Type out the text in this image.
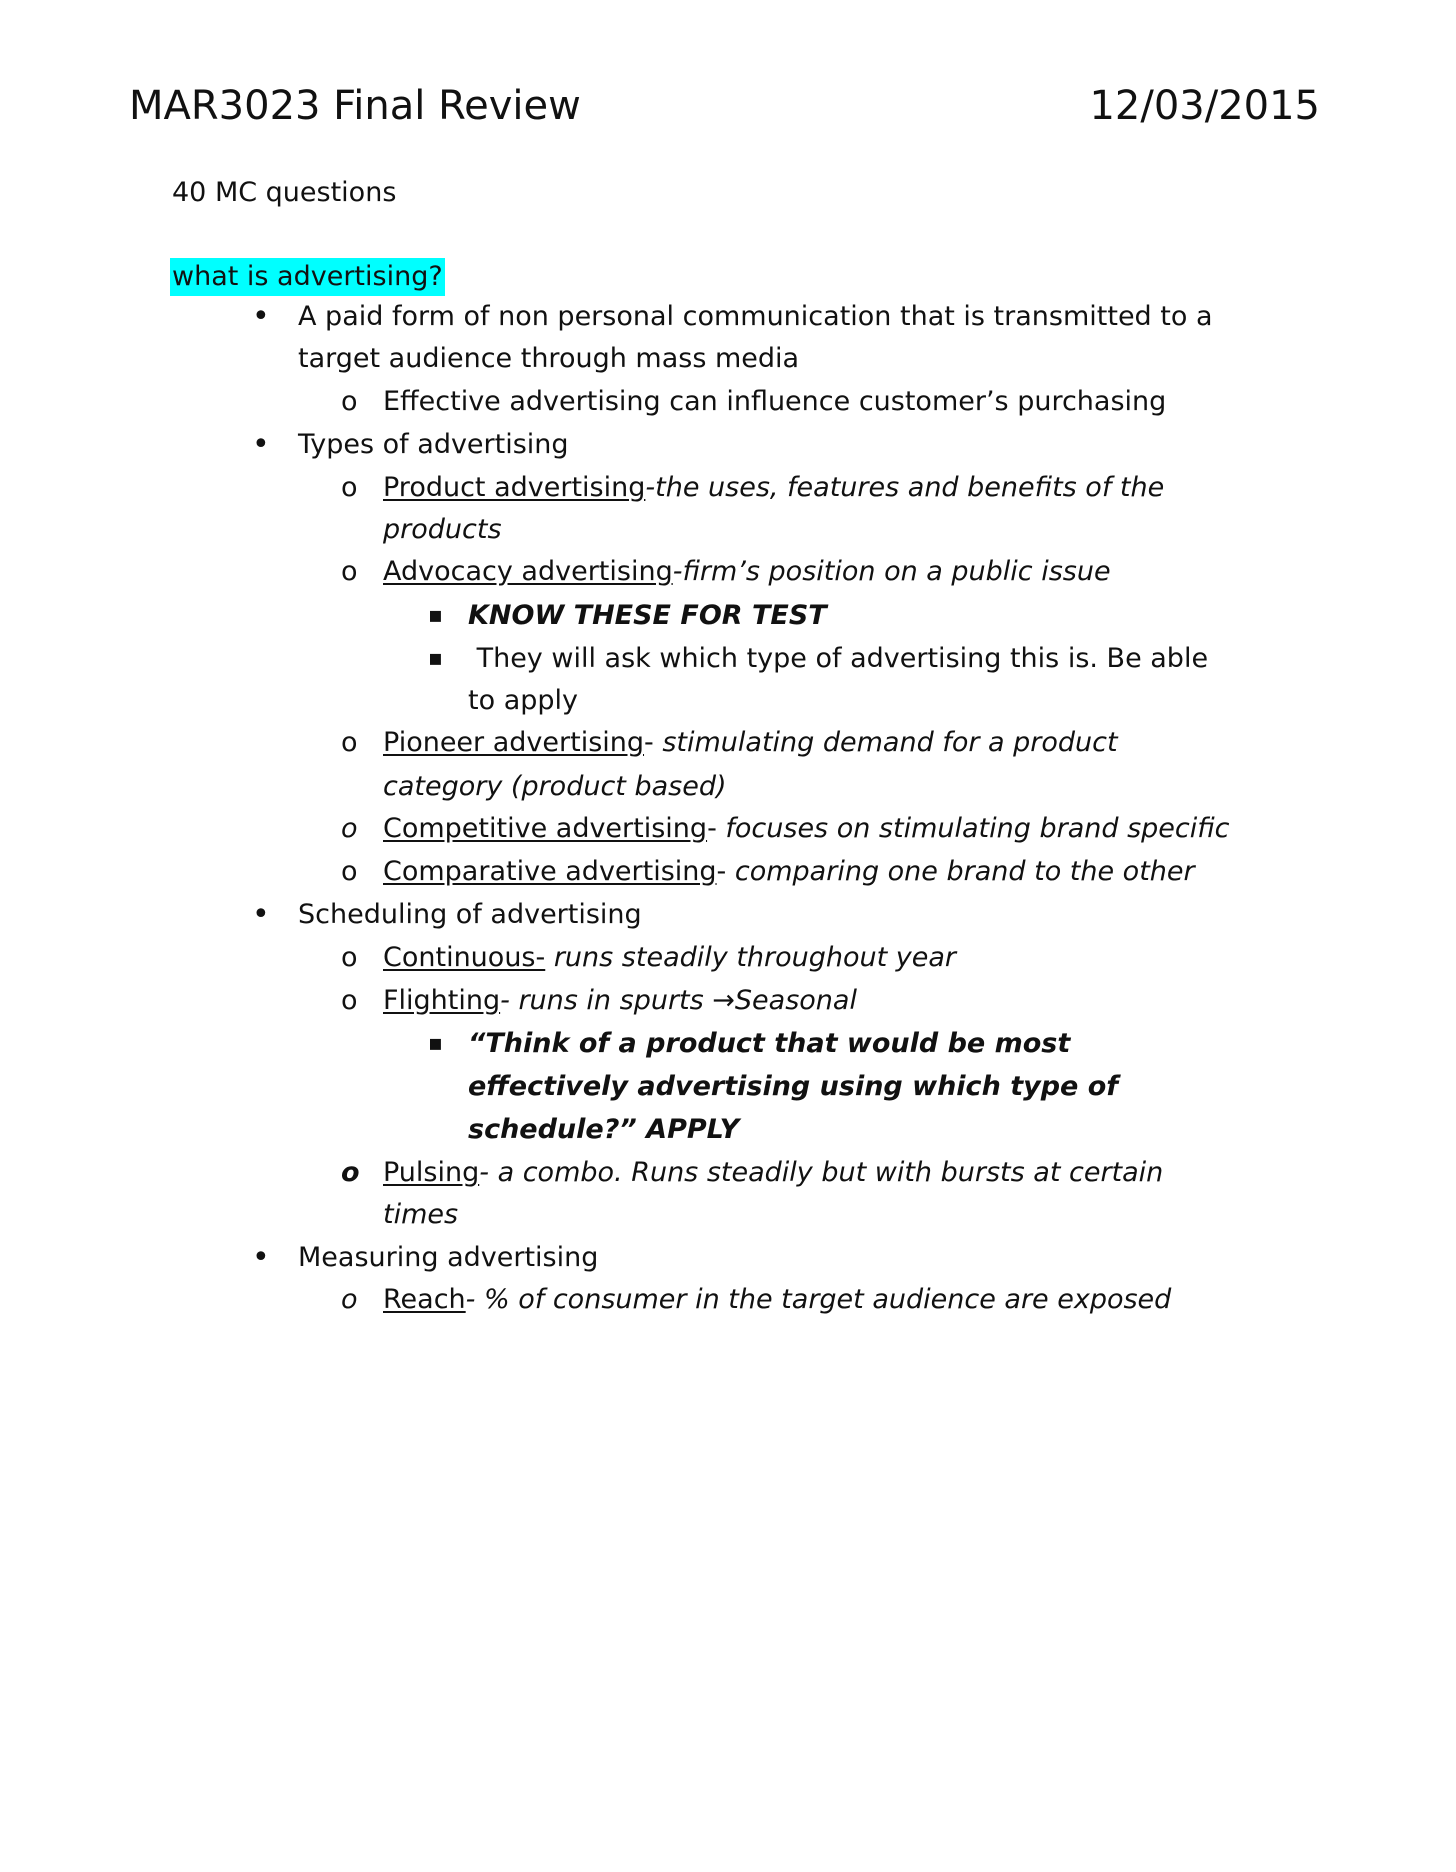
MAR3023 Final Review	12/03/2015
40 MC questions
what is advertising?
• A paid form of non personal communication that is transmitted to a
target audience through mass media
o Effective advertising can influence customer’s purchasing
• Types of advertising
o Product advertising-the uses, features and benefits of the
products
o Advocacy advertising-firm’s position on a public issue
▪ KNOW THESE FOR TEST
▪ They will ask which type of advertising this is. Be able
to apply
o Pioneer advertising- stimulating demand for a product
category (product based)
o Competitive advertising- focuses on stimulating brand specific
o Comparative advertising- comparing one brand to the other
• Scheduling of advertising
o Continuous- runs steadily throughout year
o Flighting- runs in spurts →Seasonal
▪ “Think of a product that would be most
effectively advertising using which type of
schedule?” APPLY
o Pulsing- a combo. Runs steadily but with bursts at certain
times
• Measuring advertising
o Reach- % of consumer in the target audience are exposed
